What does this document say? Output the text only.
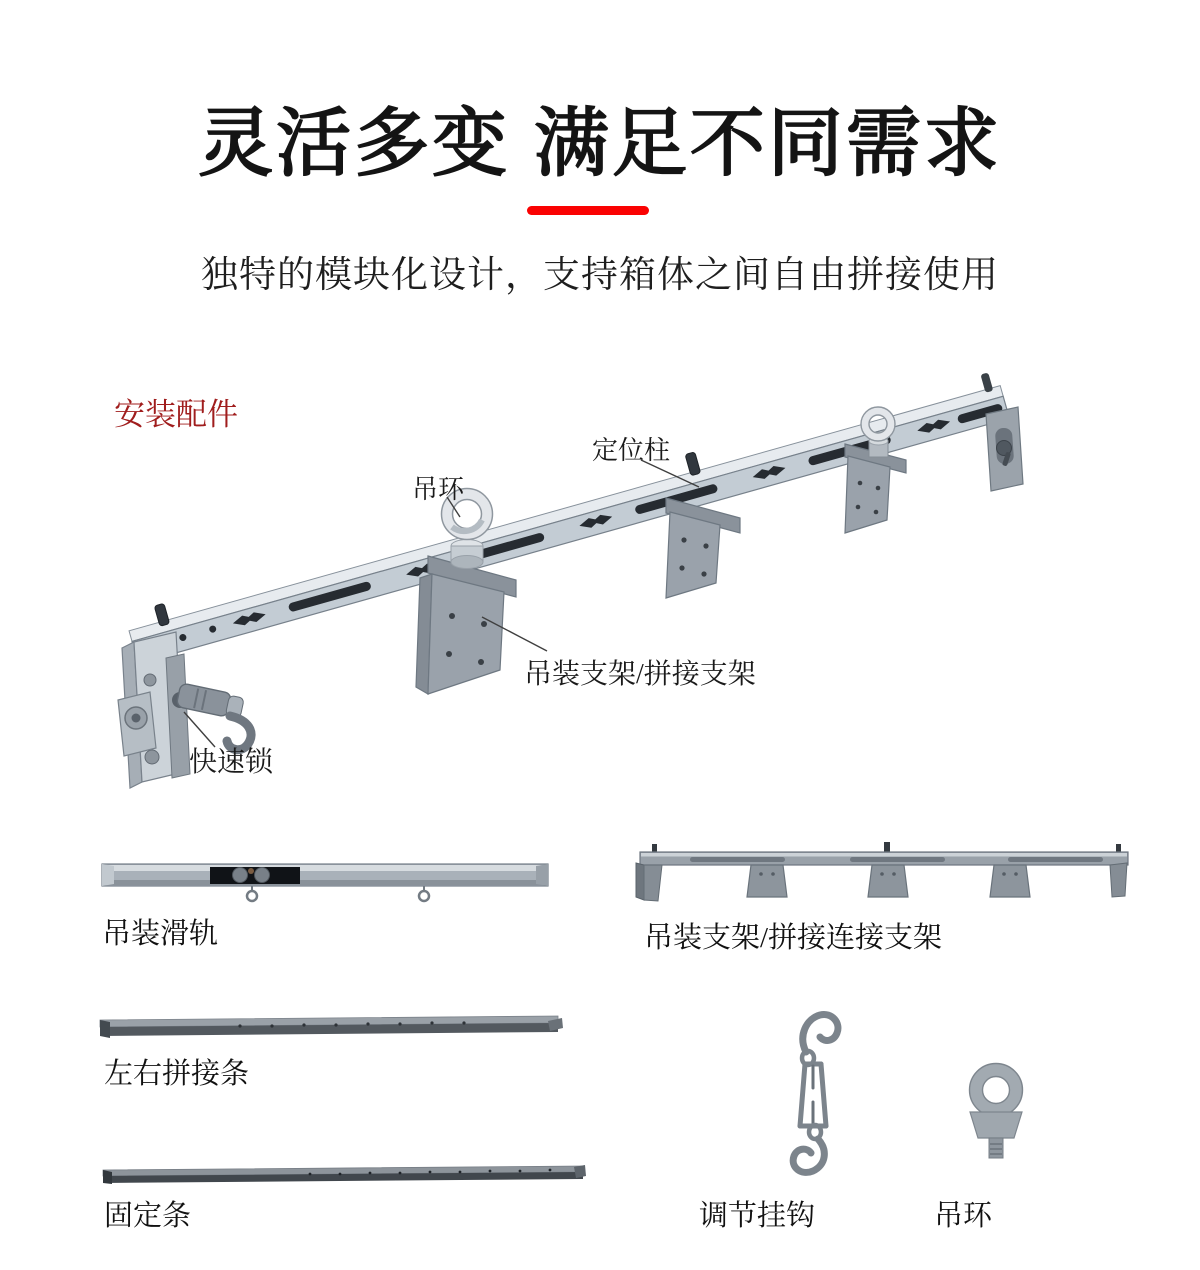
灵活多变 满足不同需求
独特的模块化设计，支持箱体之间自由拼接使用
安装配件
吊环
定位柱
吊装支架/拼接支架
快速锁
吊装滑轨	吊装支架/拼接连接支架
左右拼接条
固定条	调节挂钩	吊环
